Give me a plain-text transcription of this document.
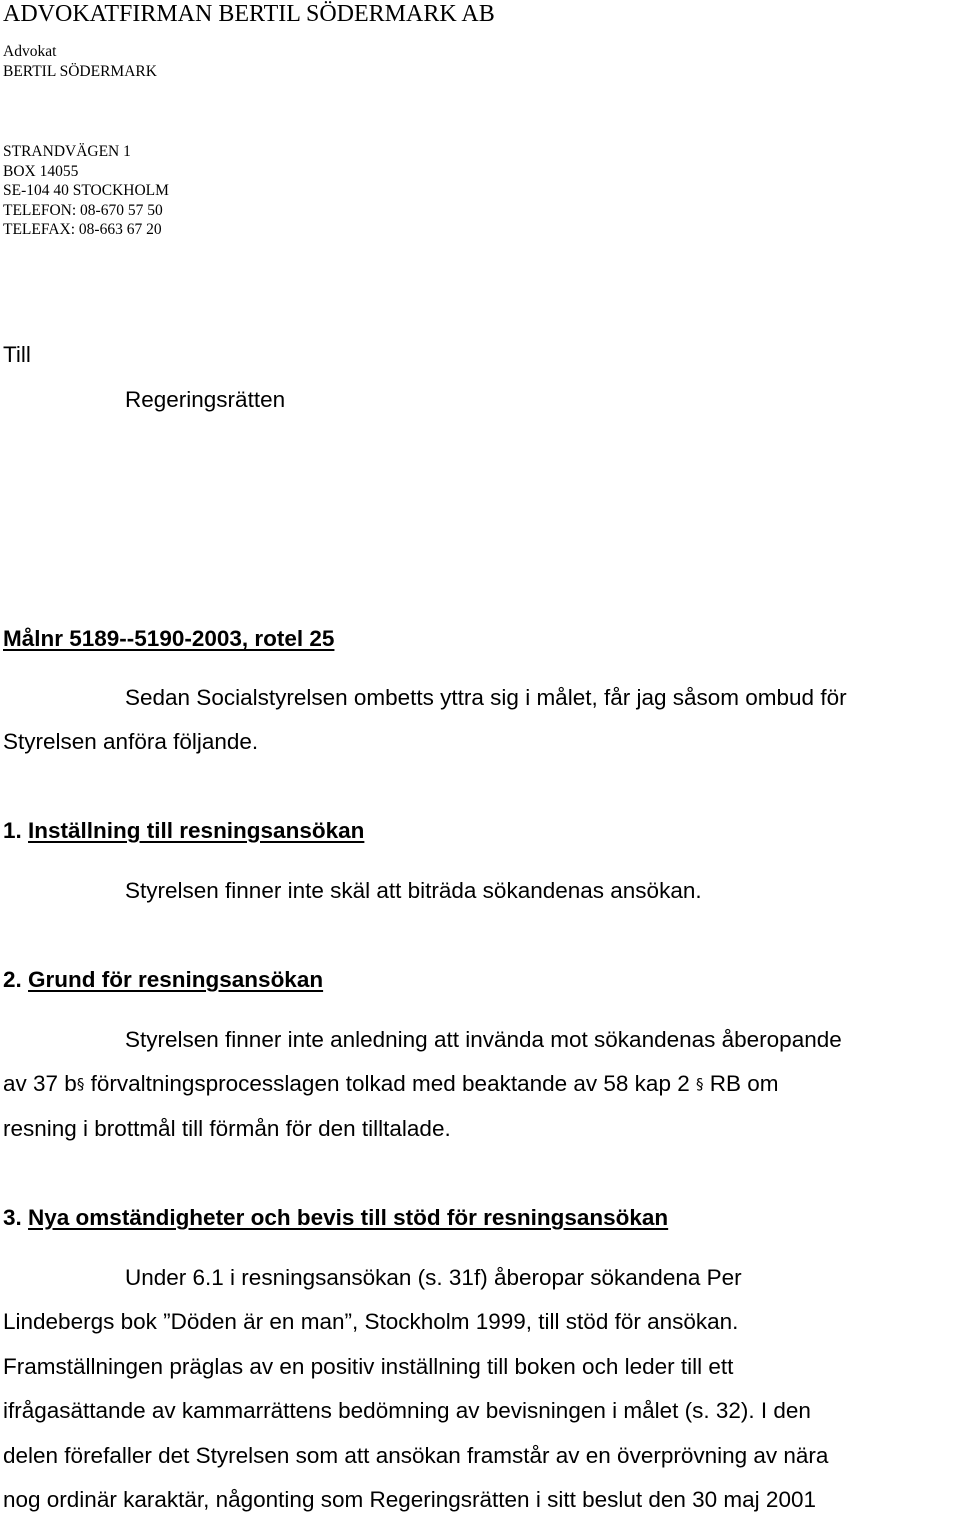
ADVOKATFIRMAN BERTIL SÖDERMARK AB
Advokat
BERTIL SÖDERMARK
STRANDVÄGEN 1
BOX 14055
SE-104 40 STOCKHOLM
TELEFON: 08-670 57 50
TELEFAX: 08-663 67 20
Till
Regeringsrätten
Målnr 5189--5190-2003, rotel 25
Sedan Socialstyrelsen ombetts yttra sig i målet, får jag såsom ombud för
Styrelsen anföra följande.
1. Inställning till resningsansökan
Styrelsen finner inte skäl att biträda sökandenas ansökan.
2. Grund för resningsansökan
Styrelsen finner inte anledning att invända mot sökandenas åberopande
av 37 b§ förvaltningsprocesslagen tolkad med beaktande av 58 kap 2 § RB om
resning i brottmål till förmån för den tilltalade.
3. Nya omständigheter och bevis till stöd för resningsansökan
Under 6.1 i resningsansökan (s. 31f) åberopar sökandena Per
Lindebergs bok ”Döden är en man”, Stockholm 1999, till stöd för ansökan.
Framställningen präglas av en positiv inställning till boken och leder till ett
ifrågasättande av kammarrättens bedömning av bevisningen i målet (s. 32). I den
delen förefaller det Styrelsen som att ansökan framstår av en överprövning av nära
nog ordinär karaktär, någonting som Regeringsrätten i sitt beslut den 30 maj 2001
